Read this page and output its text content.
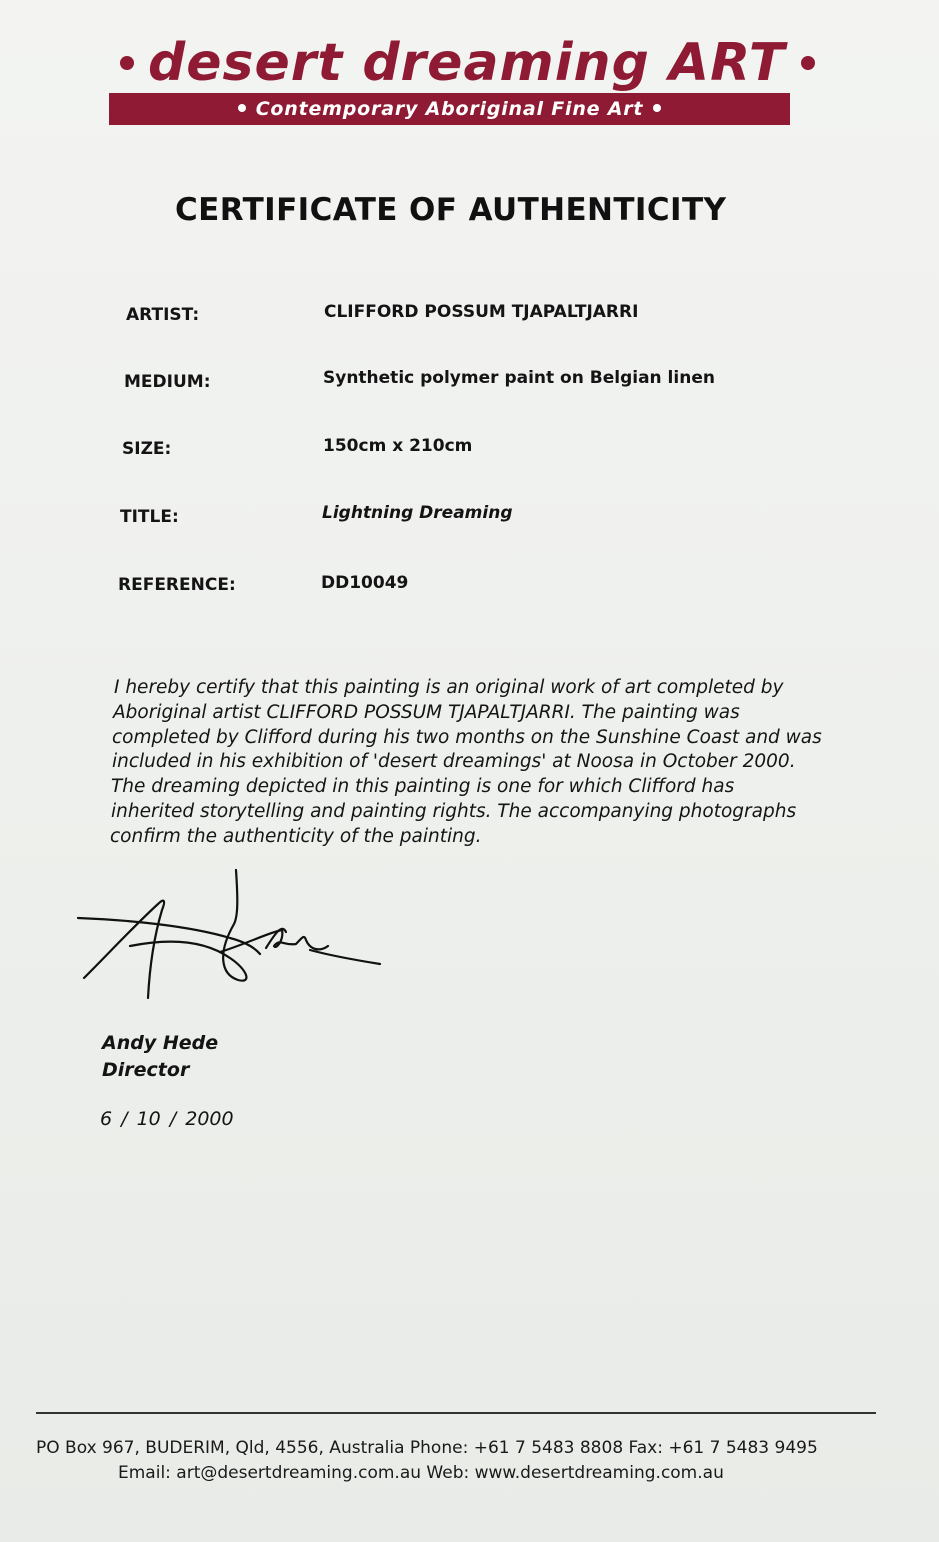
desert dreaming ART
Contemporary Aboriginal Fine Art
CERTIFICATE OF AUTHENTICITY
ARTIST:	CLIFFORD POSSUM TJAPALTJARRI
MEDIUM:	Synthetic polymer paint on Belgian linen
SIZE:	150cm x 210cm
TITLE:	Lightning Dreaming
REFERENCE:	DD10049
I hereby certify that this painting is an original work of art completed by
Aboriginal artist CLIFFORD POSSUM TJAPALTJARRI. The painting was
completed by Clifford during his two months on the Sunshine Coast and was
included in his exhibition of 'desert dreamings' at Noosa in October 2000.
The dreaming depicted in this painting is one for which Clifford has
inherited storytelling and painting rights. The accompanying photographs
confirm the authenticity of the painting.
Andy Hede
Director
6 / 10 / 2000
PO Box 967, BUDERIM, Qld, 4556, Australia Phone: +61 7 5483 8808 Fax: +61 7 5483 9495
Email: art@desertdreaming.com.au Web: www.desertdreaming.com.au
